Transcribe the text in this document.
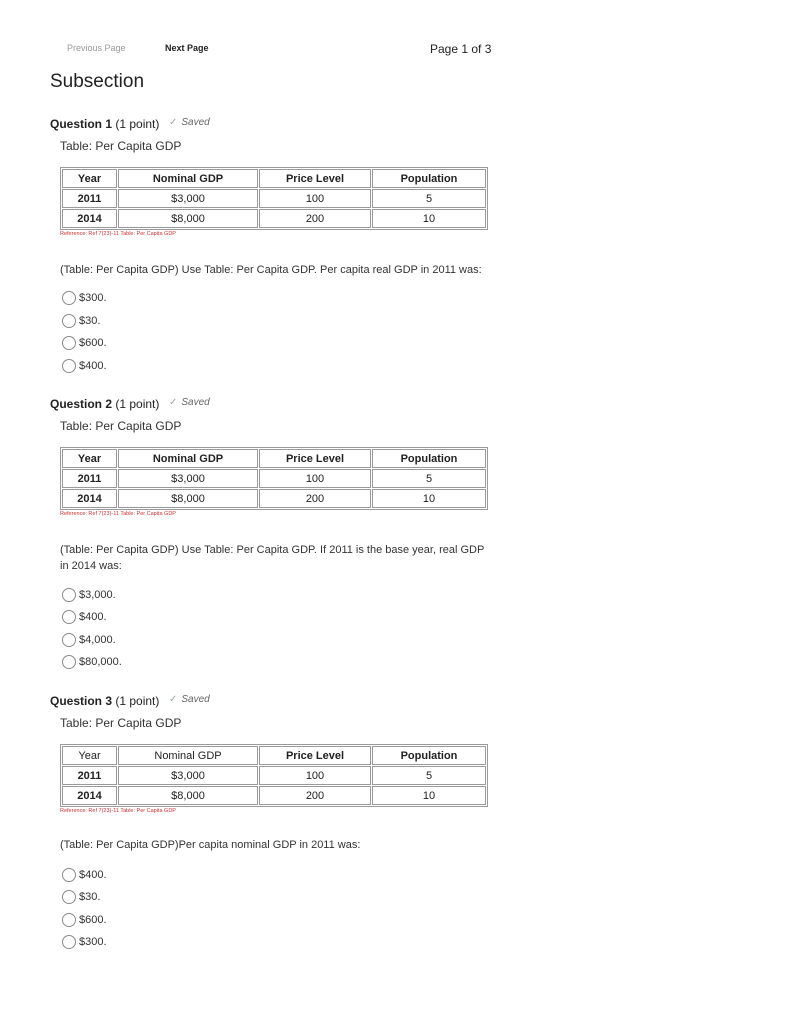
Previous Page	Next Page	Page 1 of 3
Subsection
Question 1 (1 point) ✓ Saved
Table: Per Capita GDP
Year	Nominal GDP	Price Level	Population
2011	$3,000	100	5
2014	$8,000	200	10
Reference: Ref 7(23)-11 Table: Per Capita GDP
(Table: Per Capita GDP) Use Table: Per Capita GDP. Per capita real GDP in 2011 was:
$300.
$30.
$600.
$400.
Question 2 (1 point) ✓ Saved
Table: Per Capita GDP
Year	Nominal GDP	Price Level	Population
2011	$3,000	100	5
2014	$8,000	200	10
Reference: Ref 7(23)-11 Table: Per Capita GDP
(Table: Per Capita GDP) Use Table: Per Capita GDP. If 2011 is the base year, real GDP in 2014 was:
$3,000.
$400.
$4,000.
$80,000.
Question 3 (1 point) ✓ Saved
Table: Per Capita GDP
Year	Nominal GDP	Price Level	Population
2011	$3,000	100	5
2014	$8,000	200	10
Reference: Ref 7(23)-11 Table: Per Capita GDP
(Table: Per Capita GDP)Per capita nominal GDP in 2011 was:
$400.
$30.
$600.
$300.
